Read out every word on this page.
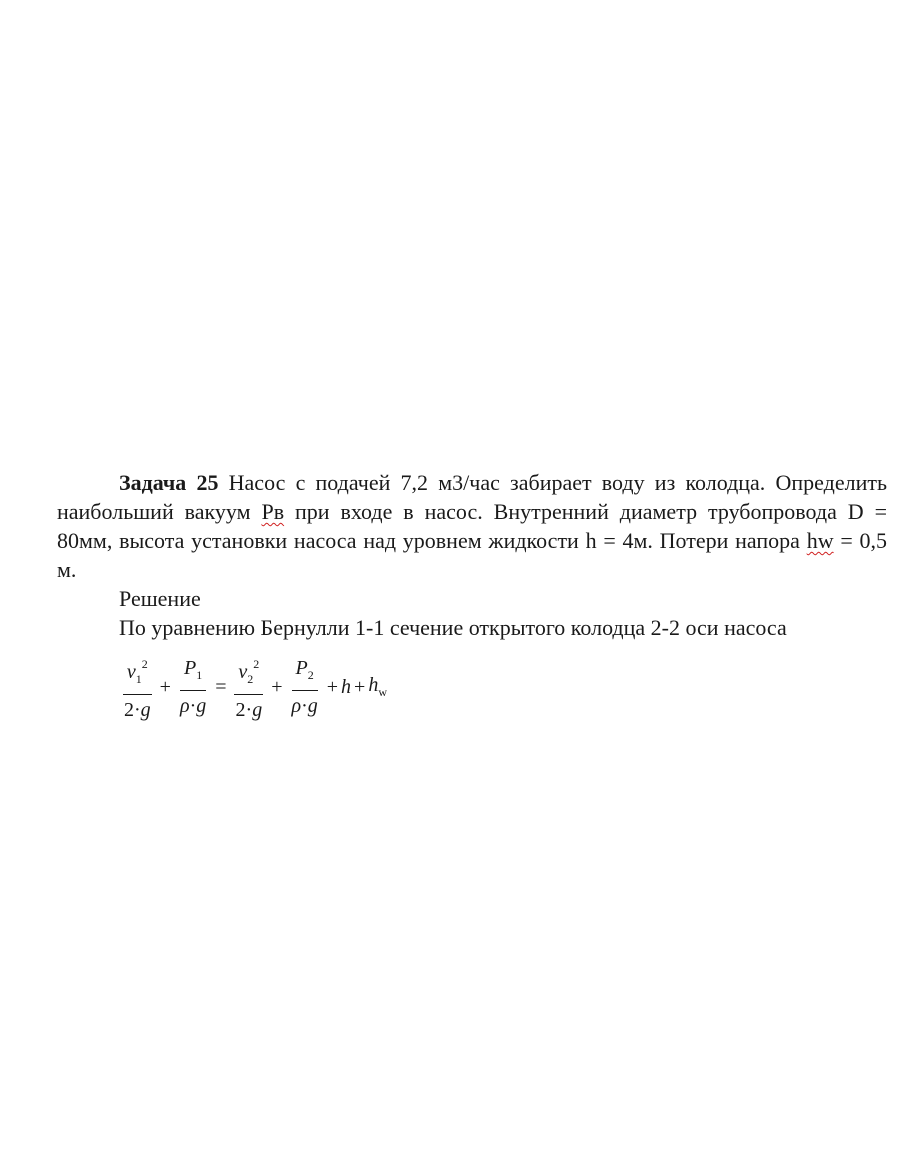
Задача 25 Насос с подачей 7,2 м3/час забирает воду из колодца. Определить наибольший вакуум Рв при входе в насос. Внутренний диаметр трубопровода D = 80мм, высота установки насоса над уровнем жидкости h = 4м. Потери напора hw = 0,5 м.

Решение

По уравнению Бернулли 1-1 сечение открытого колодца 2-2 оси насоса

$\frac{v_1^2}{2\cdot g} + \frac{P_1}{\rho\cdot g} = \frac{v_2^2}{2\cdot g} + \frac{P_2}{\rho\cdot g} + h + h_w$
